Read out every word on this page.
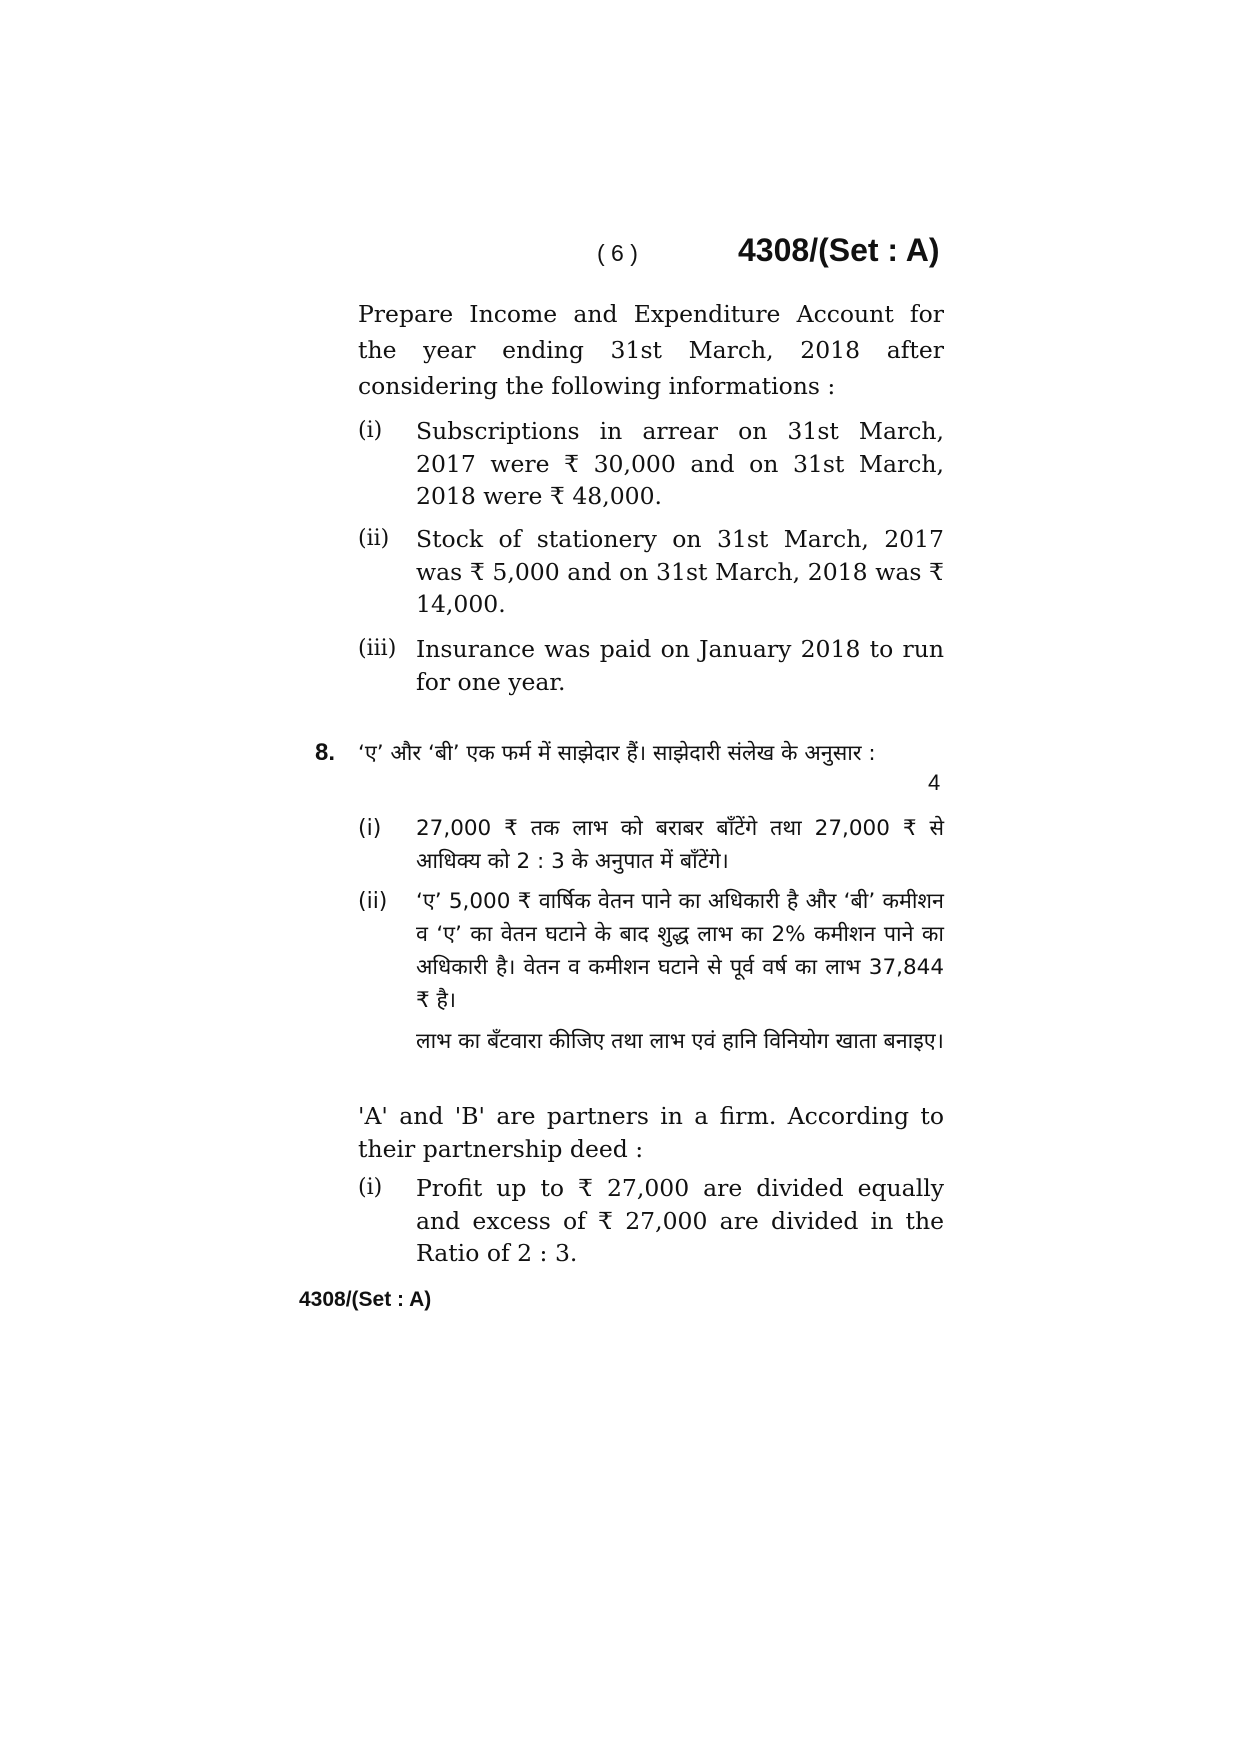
( 6 )	4308/(Set : A)
Prepare Income and Expenditure Account for the year ending 31st March, 2018 after considering the following informations :
(i) Subscriptions in arrear on 31st March, 2017 were ₹ 30,000 and on 31st March, 2018 were ₹ 48,000.
(ii) Stock of stationery on 31st March, 2017 was ₹ 5,000 and on 31st March, 2018 was ₹ 14,000.
(iii) Insurance was paid on January 2018 to run for one year.
8. ‘ए’ और ‘बी’ एक फर्म में साझेदार हैं। साझेदारी संलेख के अनुसार :
4
(i) 27,000 ₹ तक लाभ को बराबर बाँटेंगे तथा 27,000 ₹ से आधिक्य को 2 : 3 के अनुपात में बाँटेंगे।
(ii) ‘ए’ 5,000 ₹ वार्षिक वेतन पाने का अधिकारी है और ‘बी’ कमीशन व ‘ए’ का वेतन घटाने के बाद शुद्ध लाभ का 2% कमीशन पाने का अधिकारी है। वेतन व कमीशन घटाने से पूर्व वर्ष का लाभ 37,844 ₹ है।
लाभ का बँटवारा कीजिए तथा लाभ एवं हानि विनियोग खाता बनाइए।
'A' and 'B' are partners in a firm. According to their partnership deed :
(i) Profit up to ₹ 27,000 are divided equally and excess of ₹ 27,000 are divided in the Ratio of 2 : 3.
4308/(Set : A)
